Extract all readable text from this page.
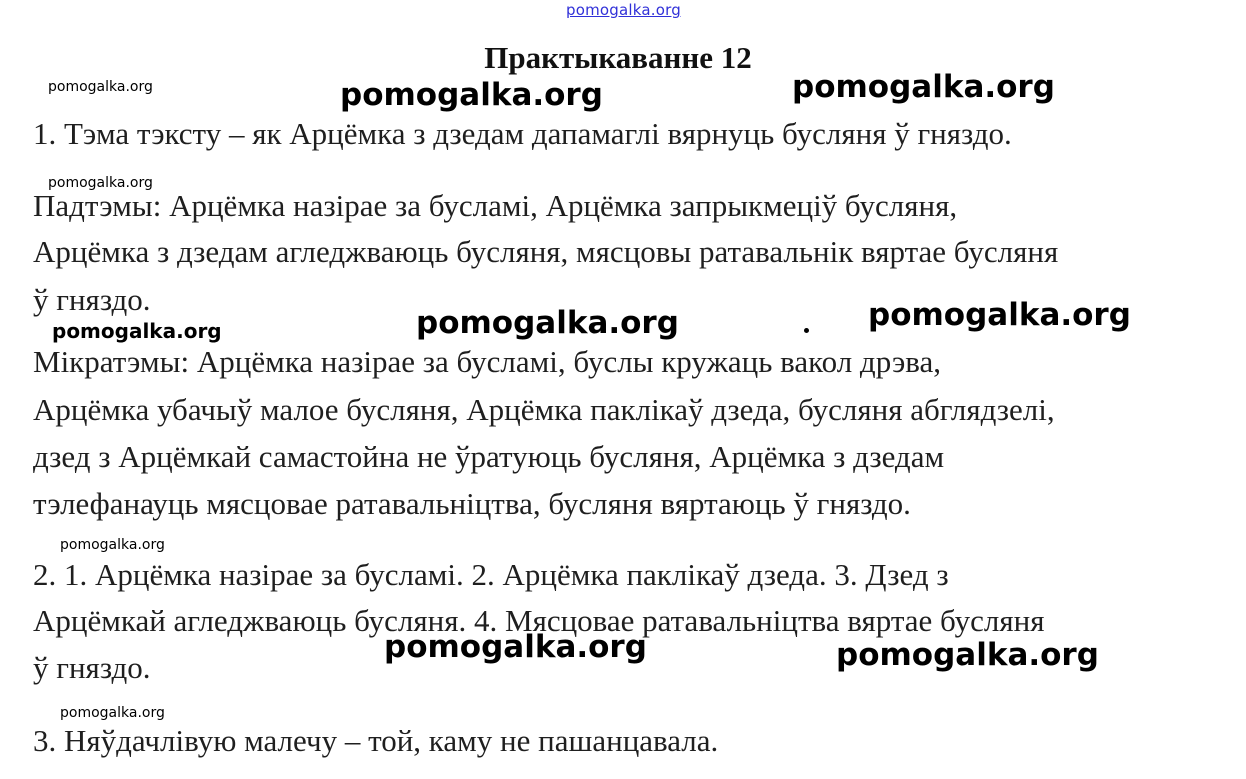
pomogalka.org
Практыкаванне 12
1. Тэма тэксту – як Арцёмка з дзедам дапамаглі вярнуць бусляня ў гняздо.
Падтэмы: Арцёмка назірае за бусламі, Арцёмка запрыкмеціў бусляня,
Арцёмка з дзедам агледжваюць бусляня, мясцовы ратавальнік вяртае бусляня
ў гняздо.
Мікратэмы: Арцёмка назірае за бусламі, буслы кружаць вакол дрэва,
Арцёмка убачыў малое бусляня, Арцёмка паклікаў дзеда, бусляня абглядзелі,
дзед з Арцёмкай самастойна не ўратуюць бусляня, Арцёмка з дзедам
тэлефанауць мясцовае ратавальніцтва, бусляня вяртаюць ў гняздо.
2. 1. Арцёмка назірае за бусламі. 2. Арцёмка паклікаў дзеда. 3. Дзед з
Арцёмкай агледжваюць бусляня. 4. Мясцовае ратавальніцтва вяртае бусляня
ў гняздо.
3. Няўдачлівую малечу – той, каму не пашанцавала.
pomogalka.org	pomogalka.org	pomogalka.org
pomogalka.org
pomogalka.org	pomogalka.org	pomogalka.org
pomogalka.org
pomogalka.org	pomogalka.org
pomogalka.org
